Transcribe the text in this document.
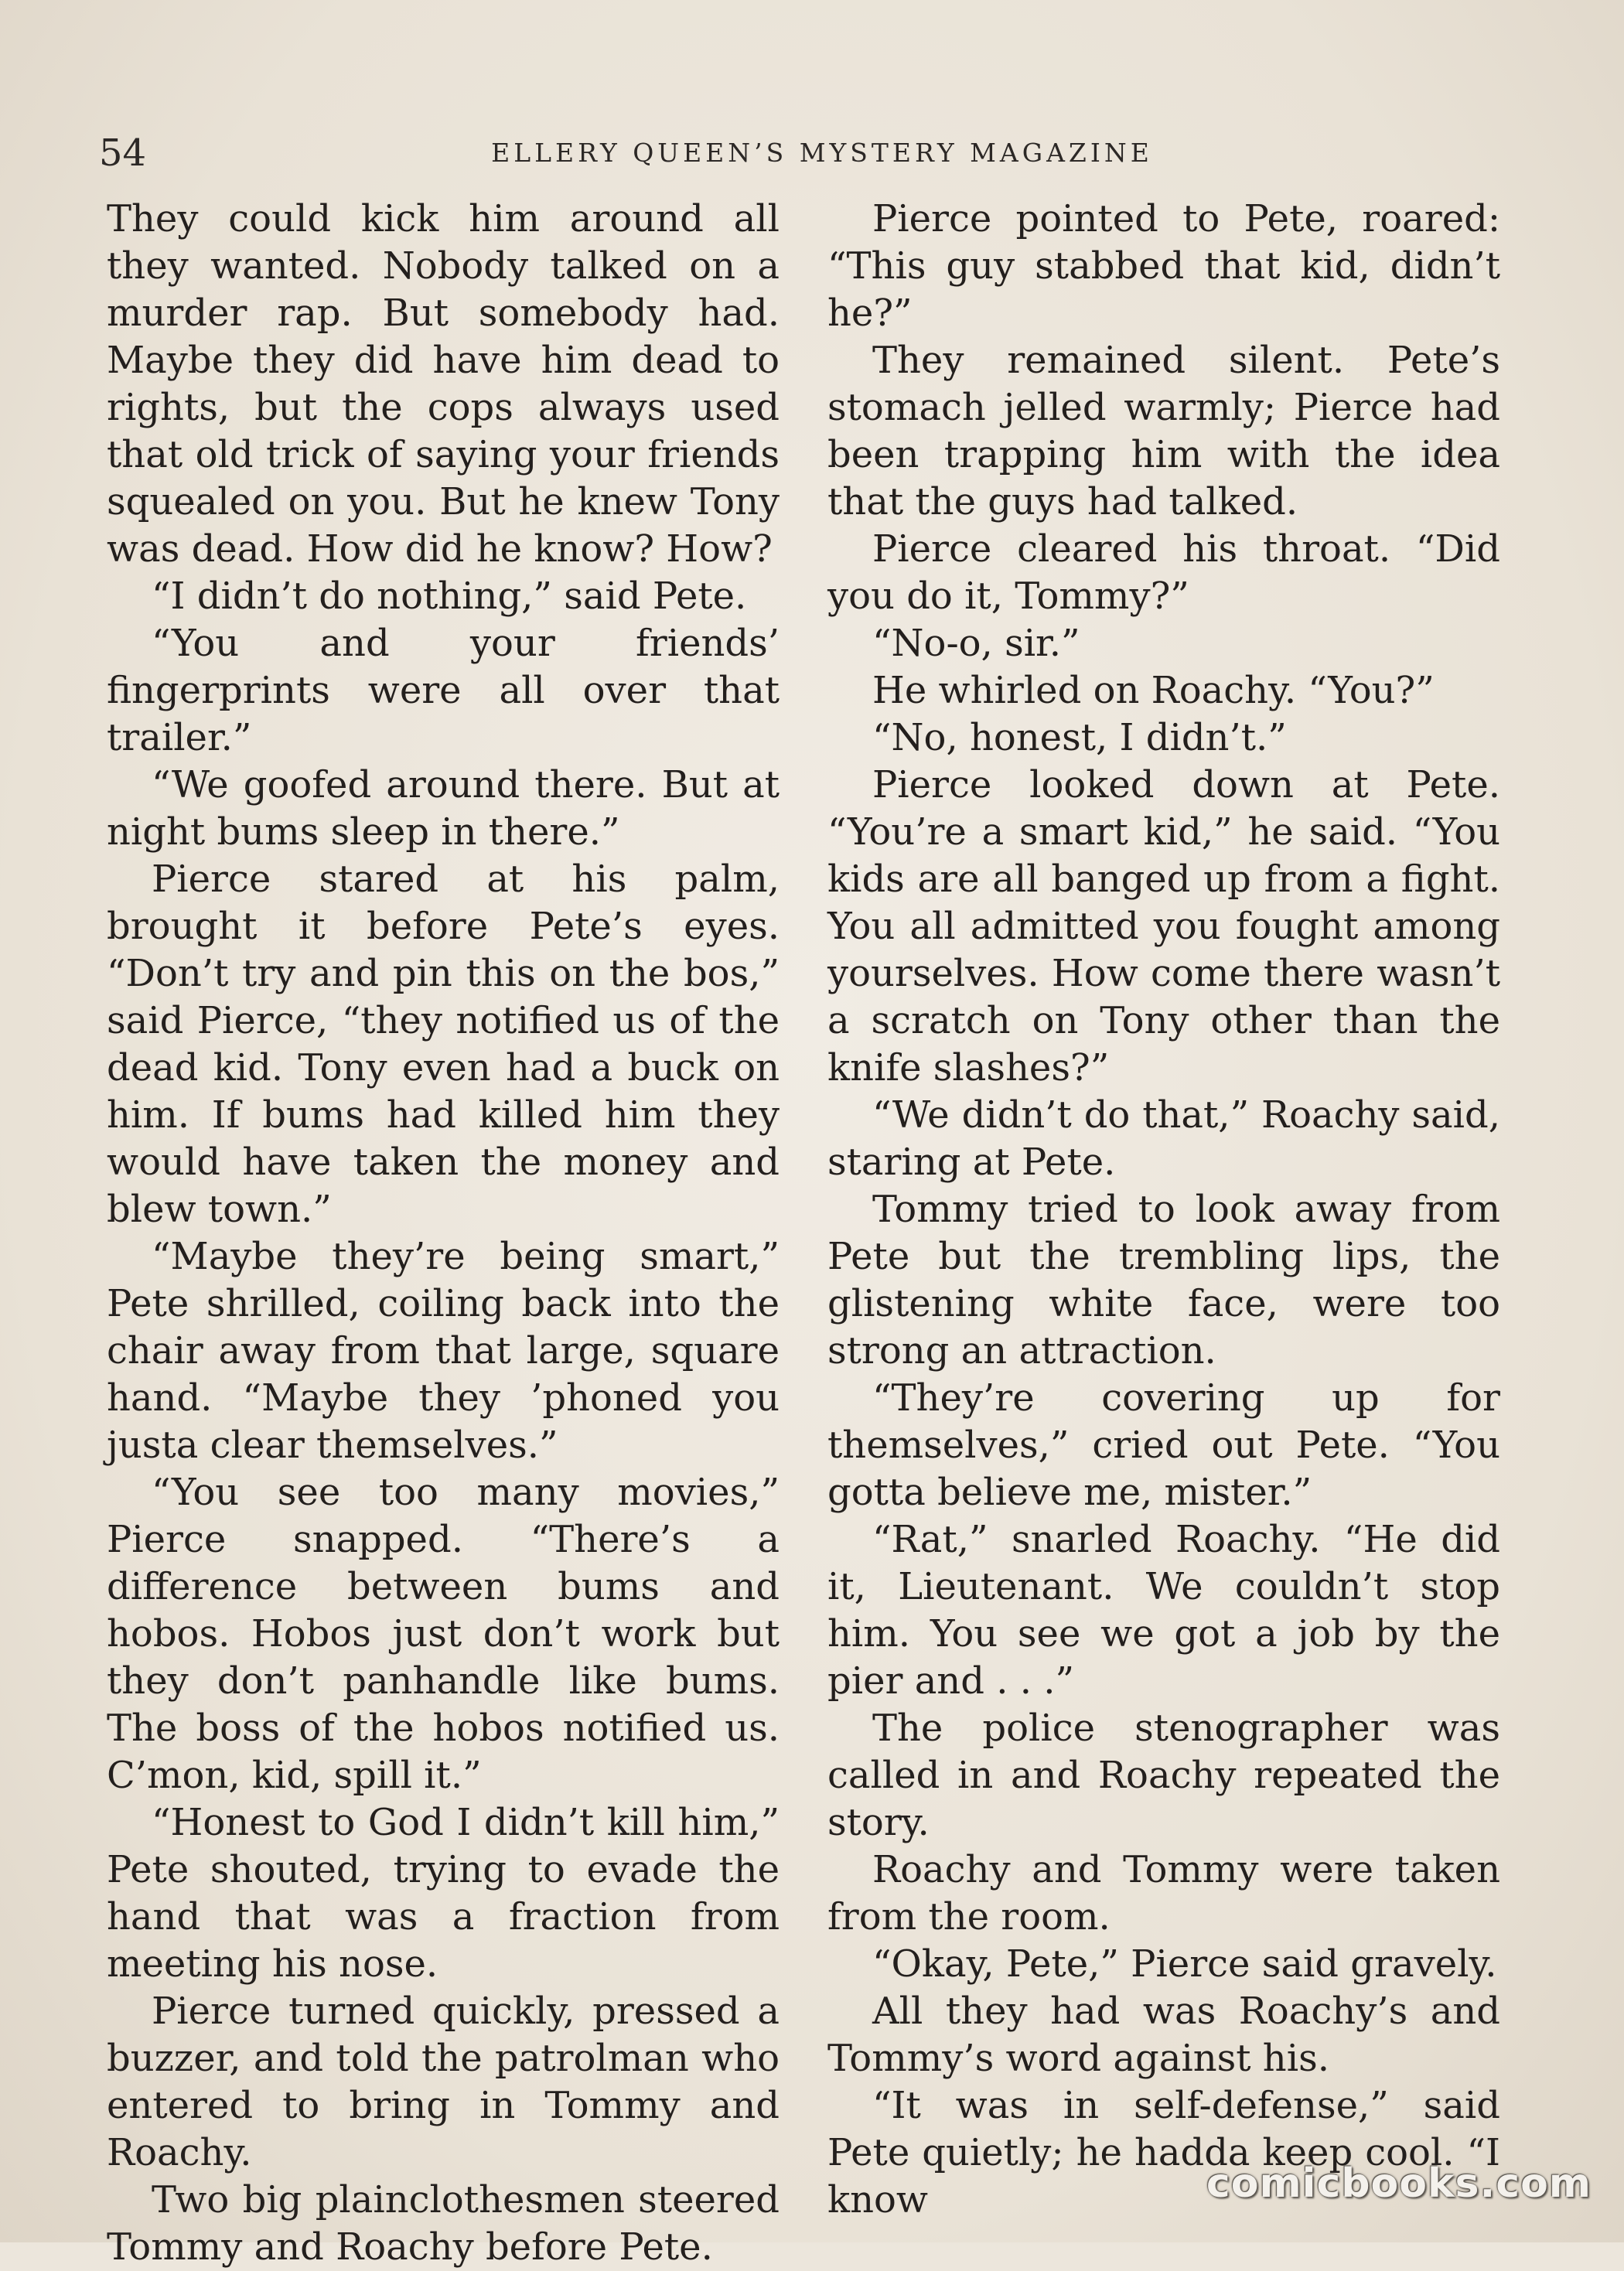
54	ELLERY QUEEN’S MYSTERY MAGAZINE

They could kick him around all they wanted. Nobody talked on a murder rap. But somebody had. Maybe they did have him dead to rights, but the cops always used that old trick of saying your friends squealed on you. But he knew Tony was dead. How did he know? How?

“I didn’t do nothing,” said Pete.

“You and your friends’ fingerprints were all over that trailer.”

“We goofed around there. But at night bums sleep in there.”

Pierce stared at his palm, brought it before Pete’s eyes. “Don’t try and pin this on the bos,” said Pierce, “they notified us of the dead kid. Tony even had a buck on him. If bums had killed him they would have taken the money and blew town.”

“Maybe they’re being smart,” Pete shrilled, coiling back into the chair away from that large, square hand. “Maybe they ’phoned you justa clear themselves.”

“You see too many movies,” Pierce snapped. “There’s a difference between bums and hobos. Hobos just don’t work but they don’t panhandle like bums. The boss of the hobos notified us. C’mon, kid, spill it.”

“Honest to God I didn’t kill him,” Pete shouted, trying to evade the hand that was a fraction from meeting his nose.

Pierce turned quickly, pressed a buzzer, and told the patrolman who entered to bring in Tommy and Roachy.

Two big plainclothesmen steered Tommy and Roachy before Pete.

Pierce pointed to Pete, roared: “This guy stabbed that kid, didn’t he?”

They remained silent. Pete’s stomach jelled warmly; Pierce had been trapping him with the idea that the guys had talked.

Pierce cleared his throat. “Did you do it, Tommy?”

“No-o, sir.”

He whirled on Roachy. “You?”

“No, honest, I didn’t.”

Pierce looked down at Pete. “You’re a smart kid,” he said. “You kids are all banged up from a fight. You all admitted you fought among yourselves. How come there wasn’t a scratch on Tony other than the knife slashes?”

“We didn’t do that,” Roachy said, staring at Pete.

Tommy tried to look away from Pete but the trembling lips, the glistening white face, were too strong an attraction.

“They’re covering up for themselves,” cried out Pete. “You gotta believe me, mister.”

“Rat,” snarled Roachy. “He did it, Lieutenant. We couldn’t stop him. You see we got a job by the pier and . . .”

The police stenographer was called in and Roachy repeated the story.

Roachy and Tommy were taken from the room.

“Okay, Pete,” Pierce said gravely.

All they had was Roachy’s and Tommy’s word against his.

“It was in self-defense,” said Pete quietly; he hadda keep cool. “I know	comicbooks.com
